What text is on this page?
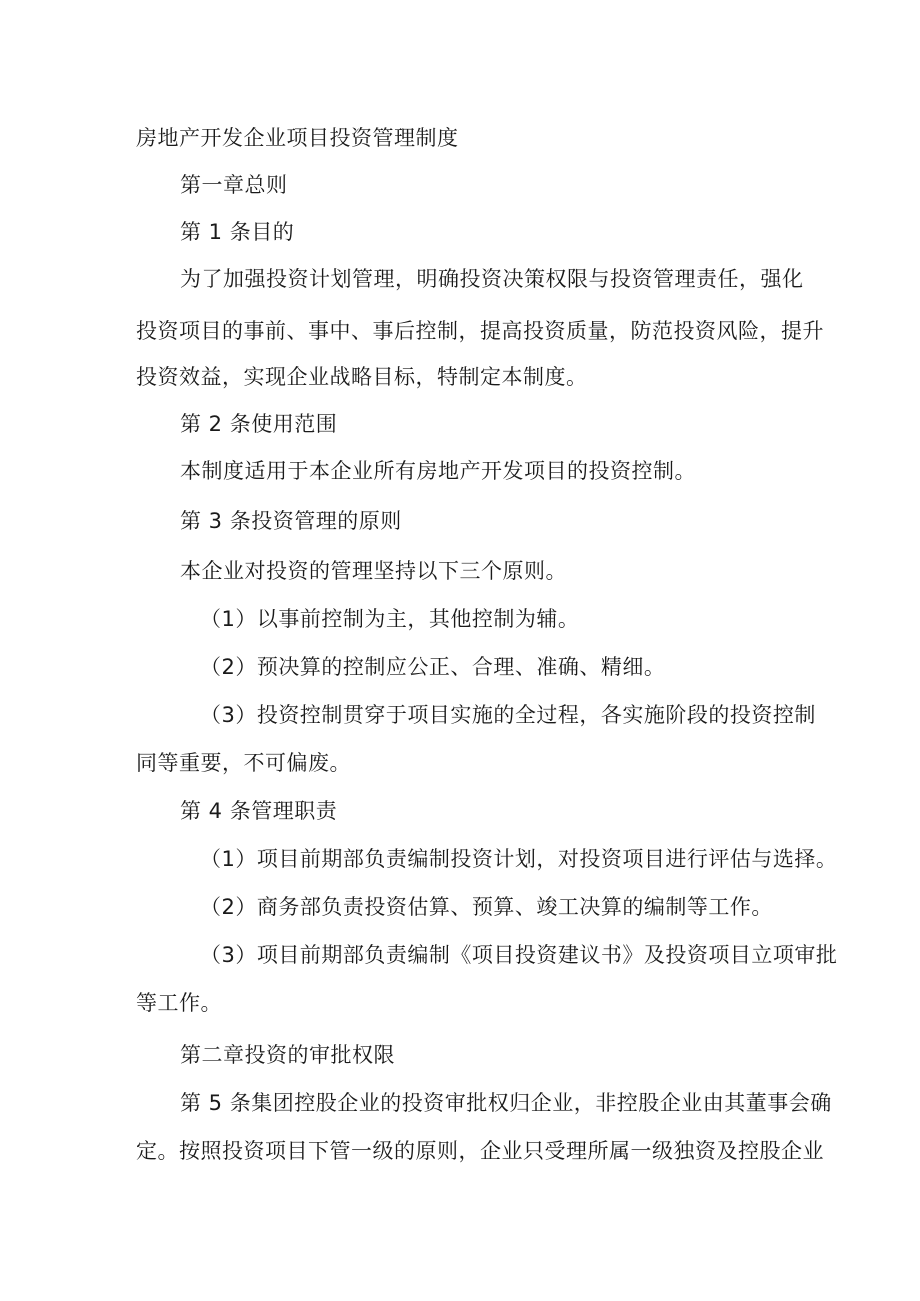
房地产开发企业项目投资管理制度
第一章总则
第 1 条目的
为了加强投资计划管理，明确投资决策权限与投资管理责任，强化
投资项目的事前、事中、事后控制，提高投资质量，防范投资风险，提升
投资效益，实现企业战略目标，特制定本制度。
第 2 条使用范围
本制度适用于本企业所有房地产开发项目的投资控制。
第 3 条投资管理的原则
本企业对投资的管理坚持以下三个原则。
（1）以事前控制为主，其他控制为辅。
（2）预决算的控制应公正、合理、准确、精细。
（3）投资控制贯穿于项目实施的全过程，各实施阶段的投资控制
同等重要，不可偏废。
第 4 条管理职责
（1）项目前期部负责编制投资计划，对投资项目进行评估与选择。
（2）商务部负责投资估算、预算、竣工决算的编制等工作。
（3）项目前期部负责编制《项目投资建议书》及投资项目立项审批
等工作。
第二章投资的审批权限
第 5 条集团控股企业的投资审批权归企业，非控股企业由其董事会确
定。按照投资项目下管一级的原则，企业只受理所属一级独资及控股企业
